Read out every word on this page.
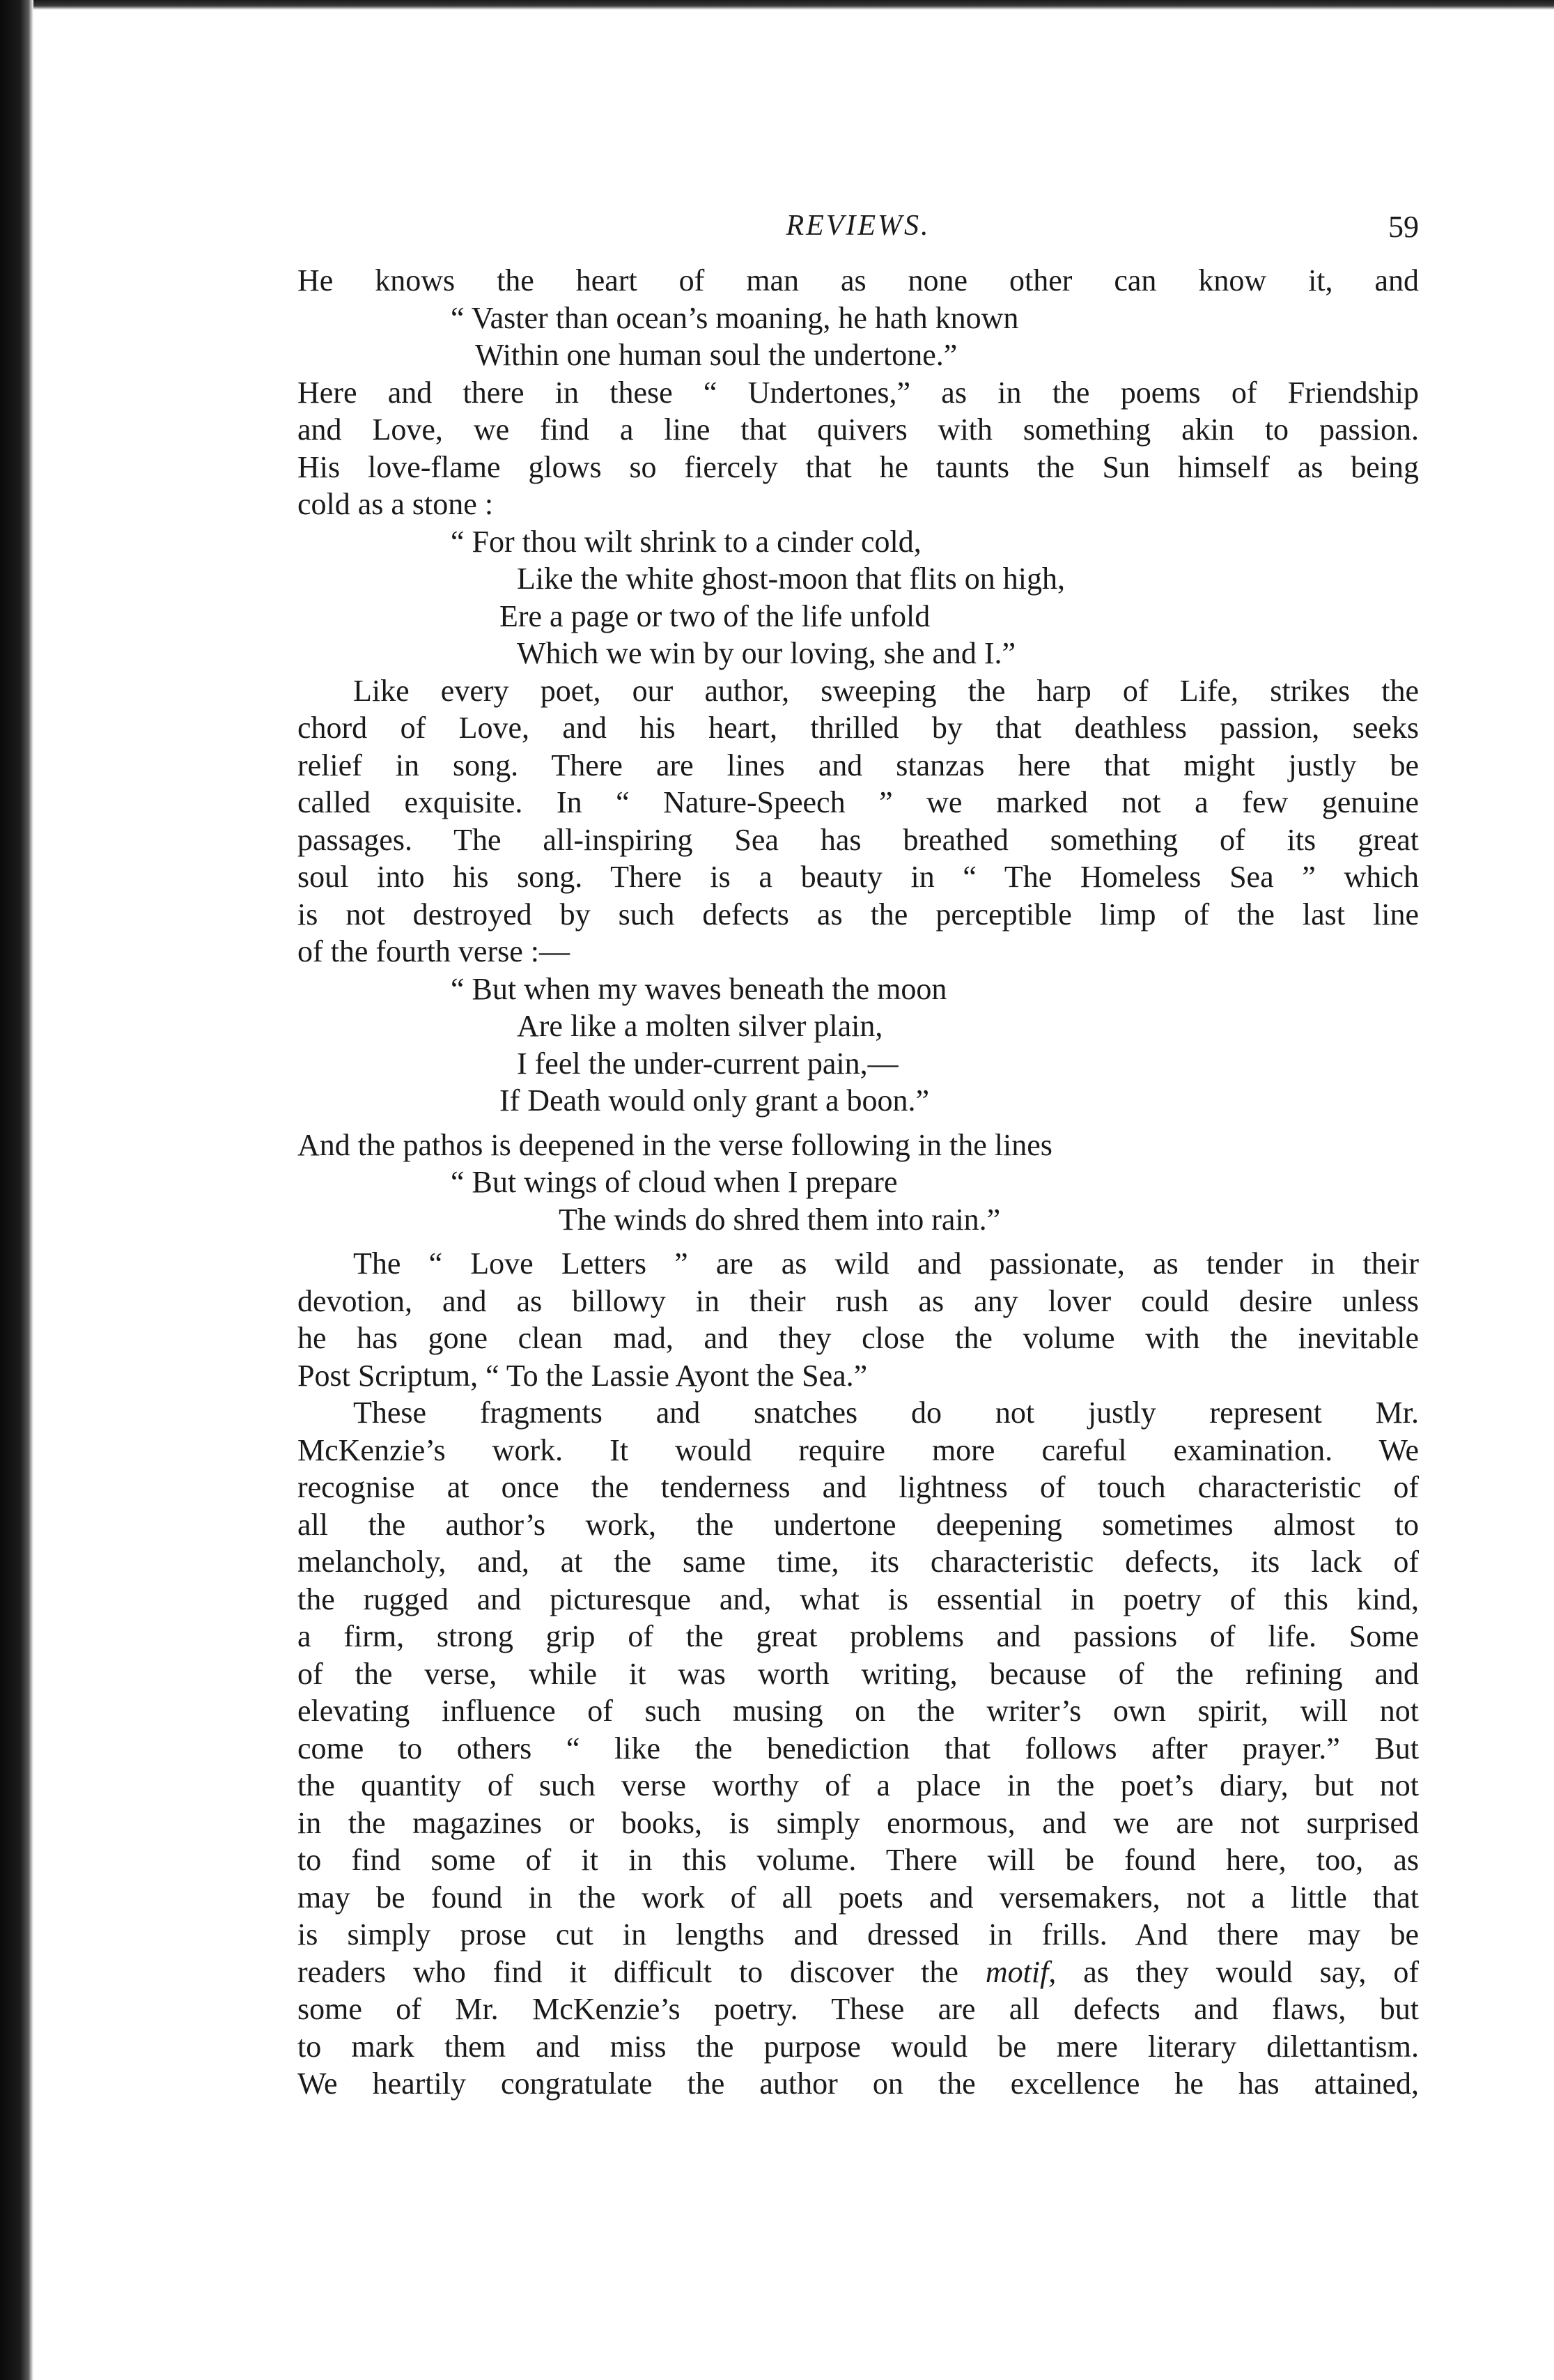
REVIEWS.	59
He knows the heart of man as none other can know it, and
“ Vaster than ocean’s moaning, he hath known
Within one human soul the undertone.”
Here and there in these “ Undertones,” as in the poems of Friendship
and Love, we find a line that quivers with something akin to passion.
His love-flame glows so fiercely that he taunts the Sun himself as being
cold as a stone :
“ For thou wilt shrink to a cinder cold,
Like the white ghost-moon that flits on high,
Ere a page or two of the life unfold
Which we win by our loving, she and I.”
Like every poet, our author, sweeping the harp of Life, strikes the
chord of Love, and his heart, thrilled by that deathless passion, seeks
relief in song. There are lines and stanzas here that might justly be
called exquisite. In “ Nature-Speech ” we marked not a few genuine
passages. The all-inspiring Sea has breathed something of its great
soul into his song. There is a beauty in “ The Homeless Sea ” which
is not destroyed by such defects as the perceptible limp of the last line
of the fourth verse :—
“ But when my waves beneath the moon
Are like a molten silver plain,
I feel the under-current pain,—
If Death would only grant a boon.”
And the pathos is deepened in the verse following in the lines
“ But wings of cloud when I prepare
The winds do shred them into rain.”
The “ Love Letters ” are as wild and passionate, as tender in their
devotion, and as billowy in their rush as any lover could desire unless
he has gone clean mad, and they close the volume with the inevitable
Post Scriptum, “ To the Lassie Ayont the Sea.”
These fragments and snatches do not justly represent Mr.
McKenzie’s work. It would require more careful examination. We
recognise at once the tenderness and lightness of touch characteristic of
all the author’s work, the undertone deepening sometimes almost to
melancholy, and, at the same time, its characteristic defects, its lack of
the rugged and picturesque and, what is essential in poetry of this kind,
a firm, strong grip of the great problems and passions of life. Some
of the verse, while it was worth writing, because of the refining and
elevating influence of such musing on the writer’s own spirit, will not
come to others “ like the benediction that follows after prayer.” But
the quantity of such verse worthy of a place in the poet’s diary, but not
in the magazines or books, is simply enormous, and we are not surprised
to find some of it in this volume. There will be found here, too, as
may be found in the work of all poets and versemakers, not a little that
is simply prose cut in lengths and dressed in frills. And there may be
readers who find it difficult to discover the motif, as they would say, of
some of Mr. McKenzie’s poetry. These are all defects and flaws, but
to mark them and miss the purpose would be mere literary dilettantism.
We heartily congratulate the author on the excellence he has attained,
